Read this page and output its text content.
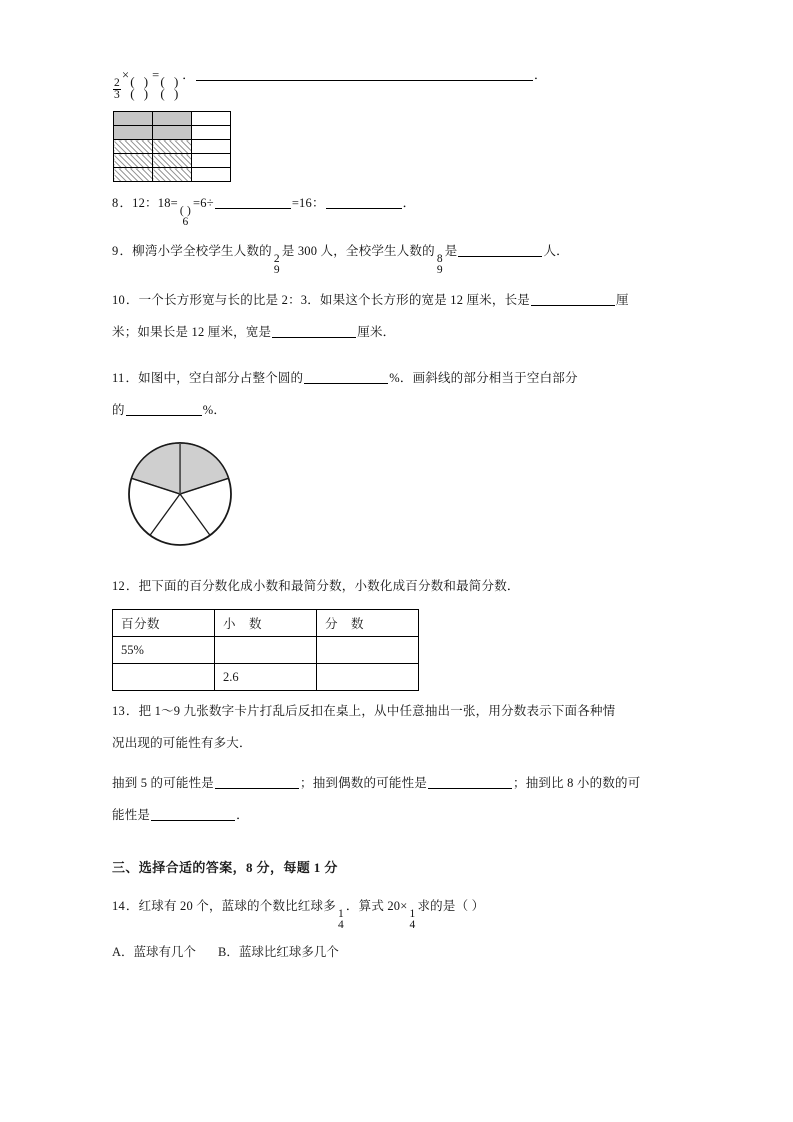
$\frac{2}{3}$
× ( )
( )
= ( )
( )
．	．

8．12：18=
( )
6
=6÷	=16：	．
9．柳湾小学全校学生人数的
2
9
是 300 人，全校学生人数的
8
9
是	人．
10．一个长方形宽与长的比是 2：3．如果这个长方形的宽是 12 厘米，长是	厘
米；如果长是 12 厘米，宽是	厘米．
11．如图中，空白部分占整个圆的	%．画斜线的部分相当于空白部分
的	%．
12．把下面的百分数化成小数和最简分数，小数化成百分数和最简分数．
百分数	小　数	分　数
55%		
	2.6	
13．把 1～9 九张数字卡片打乱后反扣在桌上，从中任意抽出一张，用分数表示下面各种情
况出现的可能性有多大．
抽到 5 的可能性是	；抽到偶数的可能性是	；抽到比 8 小的数的可
能性是	．
三、选择合适的答案，8 分，每题 1 分
14．红球有 20 个，蓝球的个数比红球多
1
4
．算式 20×
1
4
求的是（ ）
A．蓝球有几个 B．蓝球比红球多几个
